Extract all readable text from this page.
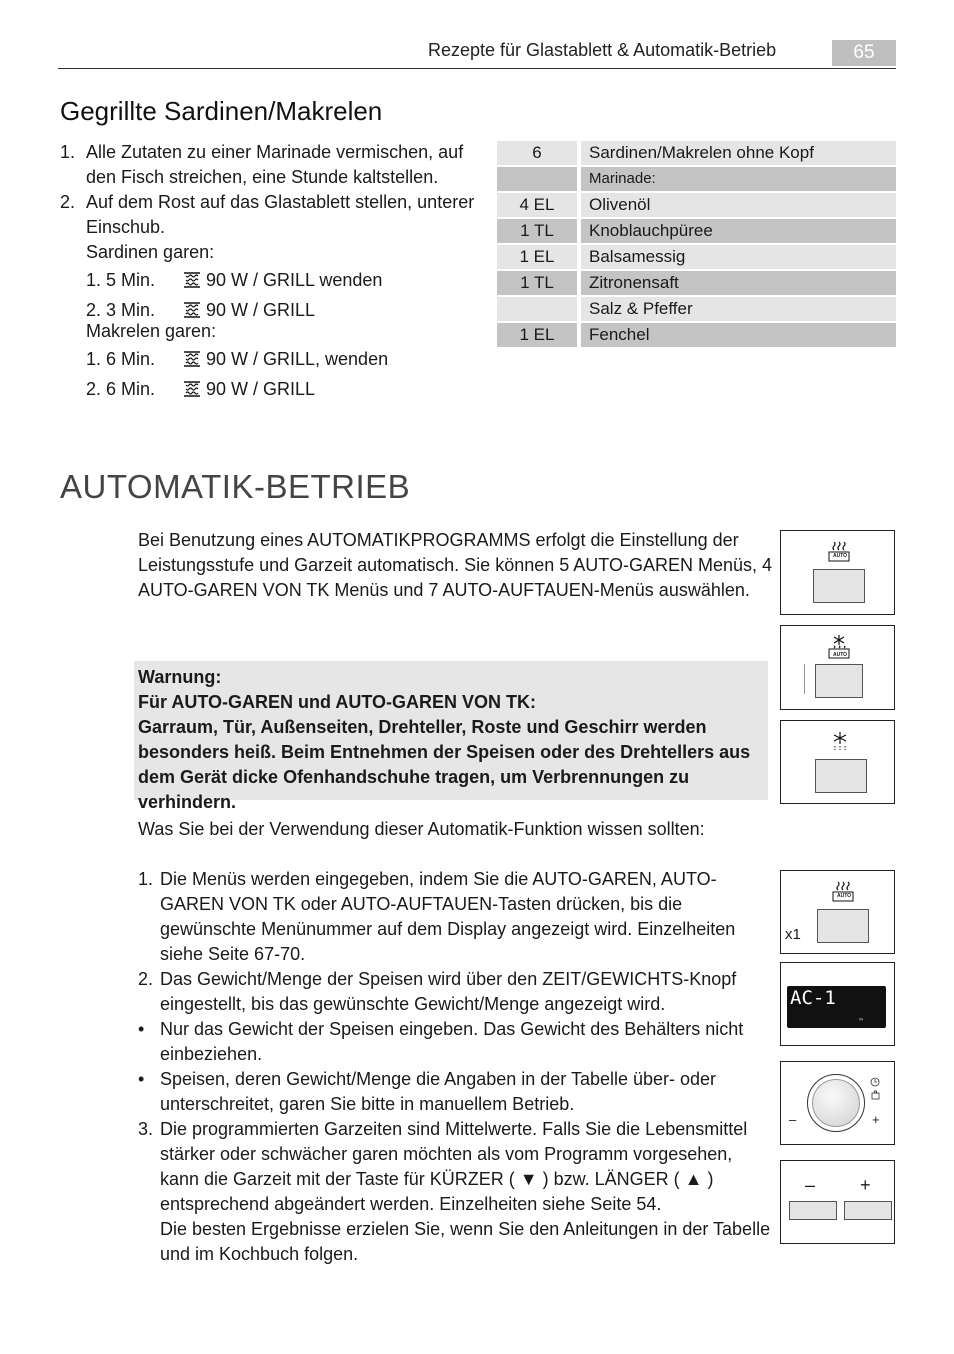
Rezepte für Glastablett & Automatik-Betrieb	65
Gegrillte Sardinen/Makrelen
1. Alle Zutaten zu einer Marinade vermischen, auf den Fisch streichen, eine Stunde kaltstellen.
2. Auf dem Rost auf das Glastablett stellen, unterer Einschub.
Sardinen garen:
1. 5 Min.	90 W / GRILL wenden
2. 3 Min.	90 W / GRILL
Makrelen garen:
1. 6 Min.	90 W / GRILL, wenden
2. 6 Min.	90 W / GRILL
6	Sardinen/Makrelen ohne Kopf
Marinade:
4 EL	Olivenöl
1 TL	Knoblauchpüree
1 EL	Balsamessig
1 TL	Zitronensaft
Salz & Pfeffer
1 EL	Fenchel
AUTOMATIK-BETRIEB
Bei Benutzung eines AUTOMATIKPROGRAMMS erfolgt die Einstellung der Leistungsstufe und Garzeit automatisch. Sie können 5 AUTO-GAREN Menüs, 4 AUTO-GAREN VON TK Menüs und 7 AUTO-AUFTAUEN-Menüs auswählen.
Warnung:
Für AUTO-GAREN und AUTO-GAREN VON TK:
Garraum, Tür, Außenseiten, Drehteller, Roste und Geschirr werden besonders heiß. Beim Entnehmen der Speisen oder des Drehtellers aus dem Gerät dicke Ofenhandschuhe tragen, um Verbrennungen zu verhindern.
Was Sie bei der Verwendung dieser Automatik-Funktion wissen sollten:
1. Die Menüs werden eingegeben, indem Sie die AUTO-GAREN, AUTO-GAREN VON TK oder AUTO-AUFTAUEN-Tasten drücken, bis die gewünschte Menünummer auf dem Display angezeigt wird. Einzelheiten siehe Seite 67-70.
2. Das Gewicht/Menge der Speisen wird über den ZEIT/GEWICHTS-Knopf eingestellt, bis das gewünschte Gewicht/Menge angezeigt wird.
• Nur das Gewicht der Speisen eingeben. Das Gewicht des Behälters nicht einbeziehen.
• Speisen, deren Gewicht/Menge die Angaben in der Tabelle über- oder unterschreitet, garen Sie bitte in manuellem Betrieb.
3. Die programmierten Garzeiten sind Mittelwerte. Falls Sie die Lebensmittel stärker oder schwächer garen möchten als vom Programm vorgesehen, kann die Garzeit mit der Taste für KÜRZER ( ▼ ) bzw. LÄNGER ( ▲ ) entsprechend abgeändert werden. Einzelheiten siehe Seite 54.
Die besten Ergebnisse erzielen Sie, wenn Sie den Anleitungen in der Tabelle und im Kochbuch folgen.
AUTO
AUTO
AUTO
x1
AC-1
∞
–	+
– +
